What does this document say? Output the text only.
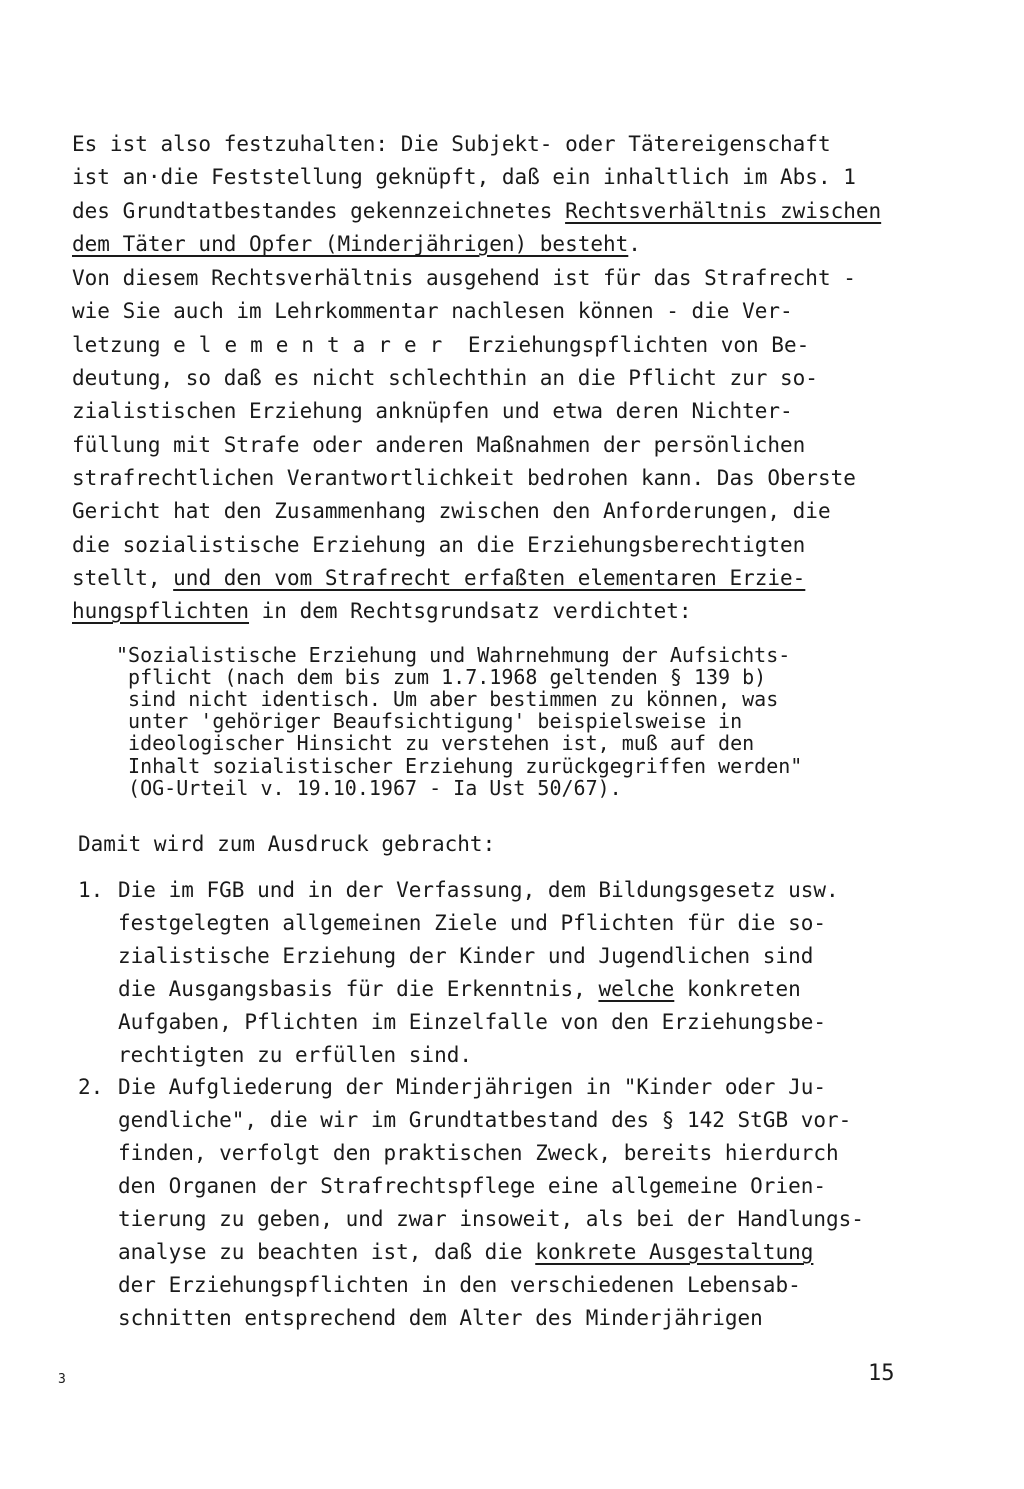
Es ist also festzuhalten: Die Subjekt- oder Tätereigenschaft
ist an·die Feststellung geknüpft, daß ein inhaltlich im Abs. 1
des Grundtatbestandes gekennzeichnetes Rechtsverhältnis zwischen
dem Täter und Opfer (Minderjährigen) besteht.
Von diesem Rechtsverhältnis ausgehend ist für das Strafrecht -
wie Sie auch im Lehrkommentar nachlesen können - die Ver-
letzung elementarer Erziehungspflichten von Be-
deutung, so daß es nicht schlechthin an die Pflicht zur so-
zialistischen Erziehung anknüpfen und etwa deren Nichter-
füllung mit Strafe oder anderen Maßnahmen der persönlichen
strafrechtlichen Verantwortlichkeit bedrohen kann. Das Oberste
Gericht hat den Zusammenhang zwischen den Anforderungen, die
die sozialistische Erziehung an die Erziehungsberechtigten
stellt, und den vom Strafrecht erfaßten elementaren Erzie-
hungspflichten in dem Rechtsgrundsatz verdichtet:
"Sozialistische Erziehung und Wahrnehmung der Aufsichts-
pflicht (nach dem bis zum 1.7.1968 geltenden § 139 b)
sind nicht identisch. Um aber bestimmen zu können, was
unter 'gehöriger Beaufsichtigung' beispielsweise in
ideologischer Hinsicht zu verstehen ist, muß auf den
Inhalt sozialistischer Erziehung zurückgegriffen werden"
(OG-Urteil v. 19.10.1967 - Ia Ust 50/67).
Damit wird zum Ausdruck gebracht:
1. Die im FGB und in der Verfassung, dem Bildungsgesetz usw.
festgelegten allgemeinen Ziele und Pflichten für die so-
zialistische Erziehung der Kinder und Jugendlichen sind
die Ausgangsbasis für die Erkenntnis, welche konkreten
Aufgaben, Pflichten im Einzelfalle von den Erziehungsbe-
rechtigten zu erfüllen sind.
2. Die Aufgliederung der Minderjährigen in "Kinder oder Ju-
gendliche", die wir im Grundtatbestand des § 142 StGB vor-
finden, verfolgt den praktischen Zweck, bereits hierdurch
den Organen der Strafrechtspflege eine allgemeine Orien-
tierung zu geben, und zwar insoweit, als bei der Handlungs-
analyse zu beachten ist, daß die konkrete Ausgestaltung
der Erziehungspflichten in den verschiedenen Lebensab-
schnitten entsprechend dem Alter des Minderjährigen
3	15
